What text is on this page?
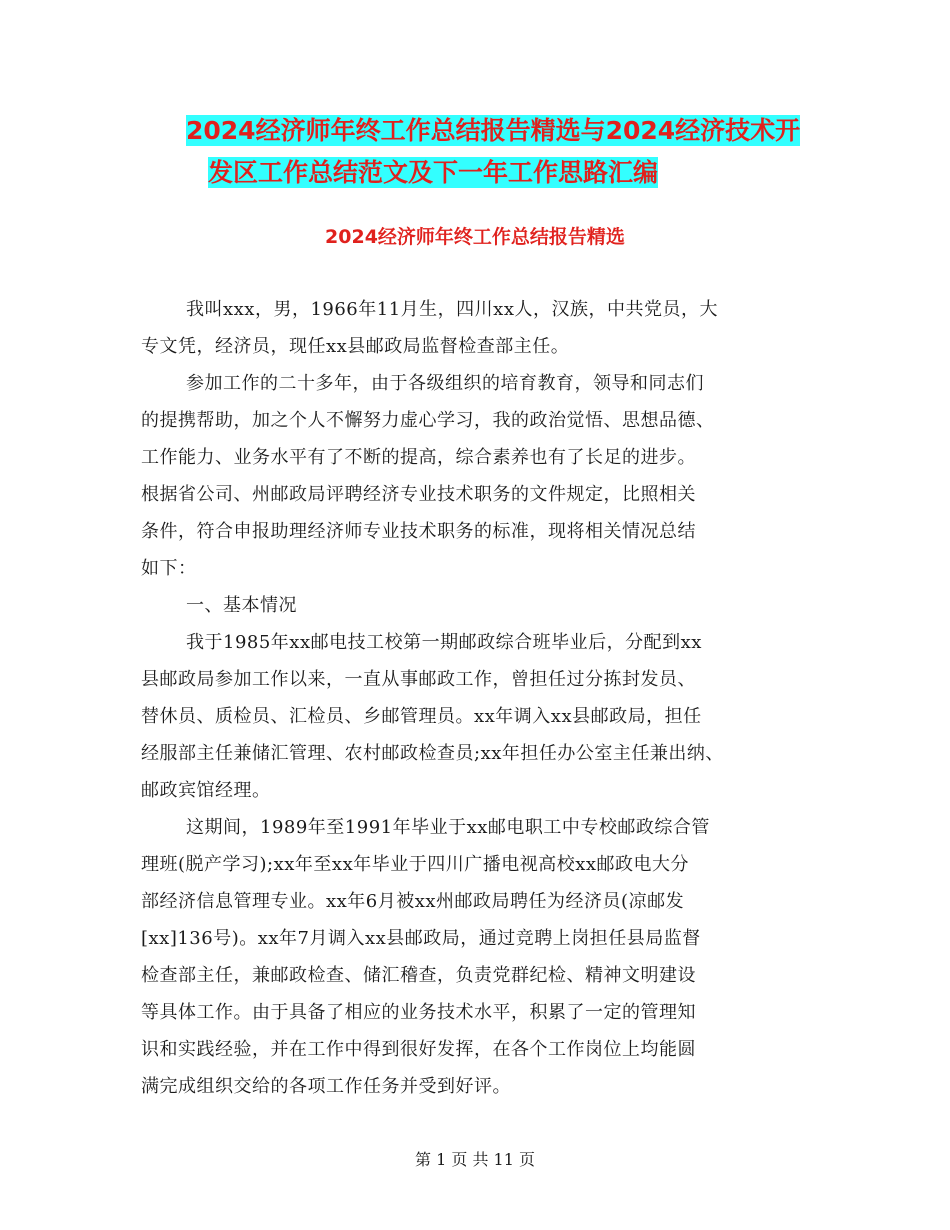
2024经济师年终工作总结报告精选与2024经济技术开
发区工作总结范文及下一年工作思路汇编
2024经济师年终工作总结报告精选
我叫xxx，男，1966年11月生，四川xx人，汉族，中共党员，大
专文凭，经济员，现任xx县邮政局监督检查部主任。
参加工作的二十多年，由于各级组织的培育教育，领导和同志们
的提携帮助，加之个人不懈努力虚心学习，我的政治觉悟、思想品德、
工作能力、业务水平有了不断的提高，综合素养也有了长足的进步。
根据省公司、州邮政局评聘经济专业技术职务的文件规定，比照相关
条件，符合申报助理经济师专业技术职务的标准，现将相关情况总结
如下：
一、基本情况
我于1985年xx邮电技工校第一期邮政综合班毕业后，分配到xx
县邮政局参加工作以来，一直从事邮政工作，曾担任过分拣封发员、
替休员、质检员、汇检员、乡邮管理员。xx年调入xx县邮政局，担任
经服部主任兼储汇管理、农村邮政检查员;xx年担任办公室主任兼出纳、
邮政宾馆经理。
这期间，1989年至1991年毕业于xx邮电职工中专校邮政综合管
理班(脱产学习);xx年至xx年毕业于四川广播电视高校xx邮政电大分
部经济信息管理专业。xx年6月被xx州邮政局聘任为经济员(凉邮发
[xx]136号)。xx年7月调入xx县邮政局，通过竞聘上岗担任县局监督
检查部主任，兼邮政检查、储汇稽查，负责党群纪检、精神文明建设
等具体工作。由于具备了相应的业务技术水平，积累了一定的管理知
识和实践经验，并在工作中得到很好发挥，在各个工作岗位上均能圆
满完成组织交给的各项工作任务并受到好评。
第 1 页 共 11 页
